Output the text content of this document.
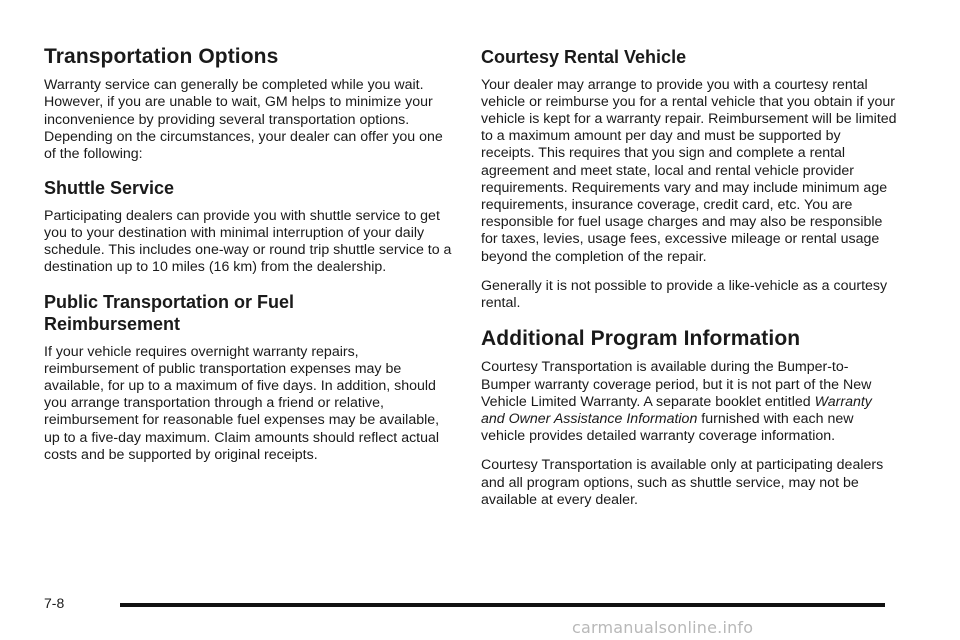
Transportation Options

Warranty service can generally be completed while you wait. However, if you are unable to wait, GM helps to minimize your inconvenience by providing several transportation options. Depending on the circumstances, your dealer can offer you one of the following:

Shuttle Service

Participating dealers can provide you with shuttle service to get you to your destination with minimal interruption of your daily schedule. This includes one-way or round trip shuttle service to a destination up to 10 miles (16 km) from the dealership.

Public Transportation or Fuel
Reimbursement

If your vehicle requires overnight warranty repairs, reimbursement of public transportation expenses may be available, for up to a maximum of five days. In addition, should you arrange transportation through a friend or relative, reimbursement for reasonable fuel expenses may be available, up to a five-day maximum. Claim amounts should reflect actual costs and be supported by original receipts.

Courtesy Rental Vehicle

Your dealer may arrange to provide you with a courtesy rental vehicle or reimburse you for a rental vehicle that you obtain if your vehicle is kept for a warranty repair. Reimbursement will be limited to a maximum amount per day and must be supported by receipts. This requires that you sign and complete a rental agreement and meet state, local and rental vehicle provider requirements. Requirements vary and may include minimum age requirements, insurance coverage, credit card, etc. You are responsible for fuel usage charges and may also be responsible for taxes, levies, usage fees, excessive mileage or rental usage beyond the completion of the repair.

Generally it is not possible to provide a like-vehicle as a courtesy rental.

Additional Program Information

Courtesy Transportation is available during the Bumper-to-Bumper warranty coverage period, but it is not part of the New Vehicle Limited Warranty. A separate booklet entitled Warranty and Owner Assistance Information furnished with each new vehicle provides detailed warranty coverage information.

Courtesy Transportation is available only at participating dealers and all program options, such as shuttle service, may not be available at every dealer.

7-8
carmanualsonline.info
